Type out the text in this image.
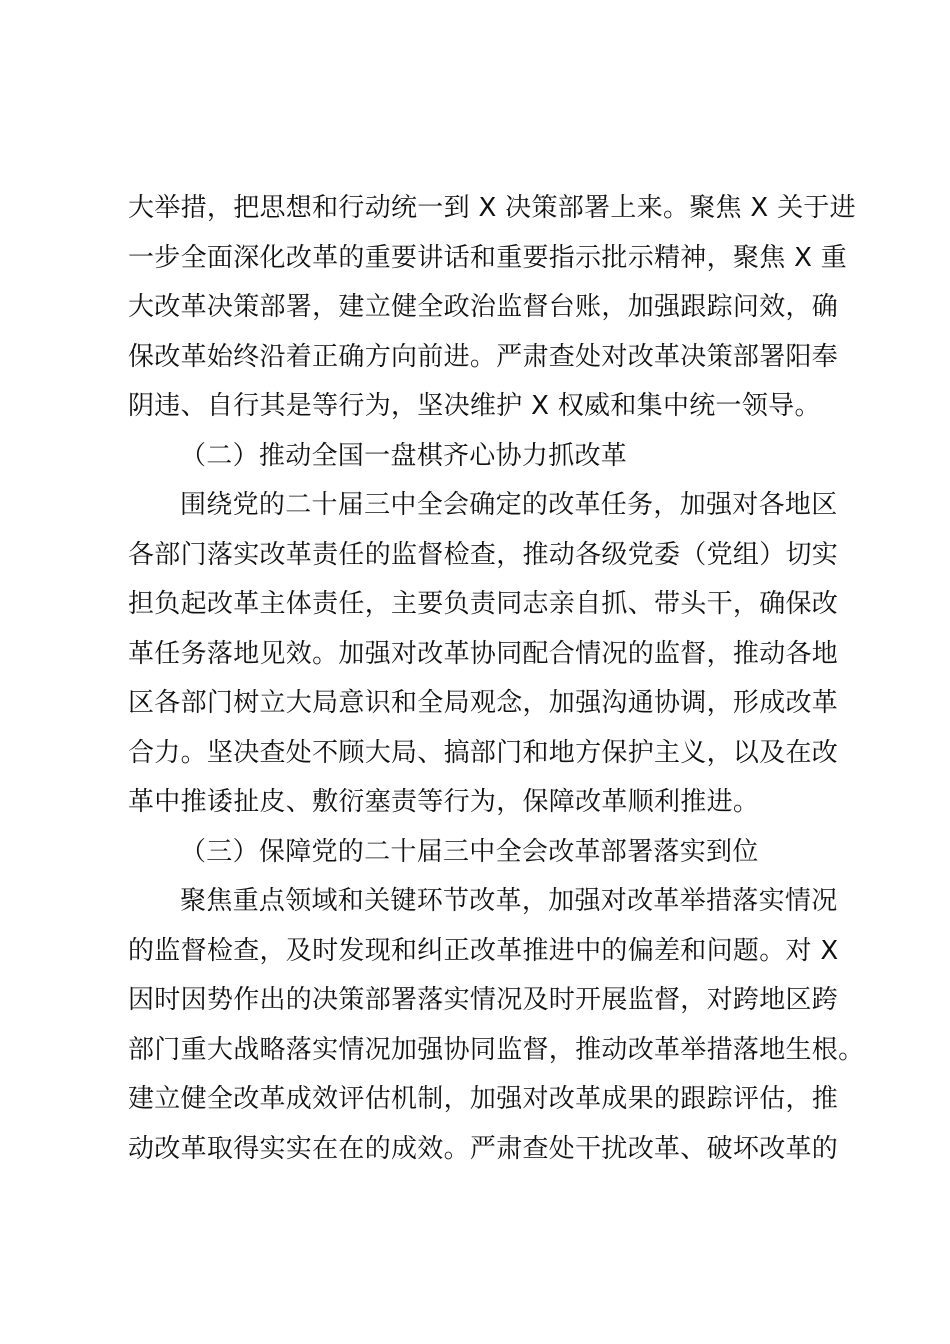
大举措，把思想和行动统一到 X 决策部署上来。聚焦 X 关于进
一步全面深化改革的重要讲话和重要指示批示精神，聚焦 X 重
大改革决策部署，建立健全政治监督台账，加强跟踪问效，确
保改革始终沿着正确方向前进。严肃查处对改革决策部署阳奉
阴违、自行其是等行为，坚决维护 X 权威和集中统一领导。

（二）推动全国一盘棋齐心协力抓改革

围绕党的二十届三中全会确定的改革任务，加强对各地区
各部门落实改革责任的监督检查，推动各级党委（党组）切实
担负起改革主体责任，主要负责同志亲自抓、带头干，确保改
革任务落地见效。加强对改革协同配合情况的监督，推动各地
区各部门树立大局意识和全局观念，加强沟通协调，形成改革
合力。坚决查处不顾大局、搞部门和地方保护主义，以及在改
革中推诿扯皮、敷衍塞责等行为，保障改革顺利推进。

（三）保障党的二十届三中全会改革部署落实到位

聚焦重点领域和关键环节改革，加强对改革举措落实情况
的监督检查，及时发现和纠正改革推进中的偏差和问题。对 X
因时因势作出的决策部署落实情况及时开展监督，对跨地区跨
部门重大战略落实情况加强协同监督，推动改革举措落地生根。
建立健全改革成效评估机制，加强对改革成果的跟踪评估，推
动改革取得实实在在的成效。严肃查处干扰改革、破坏改革的
